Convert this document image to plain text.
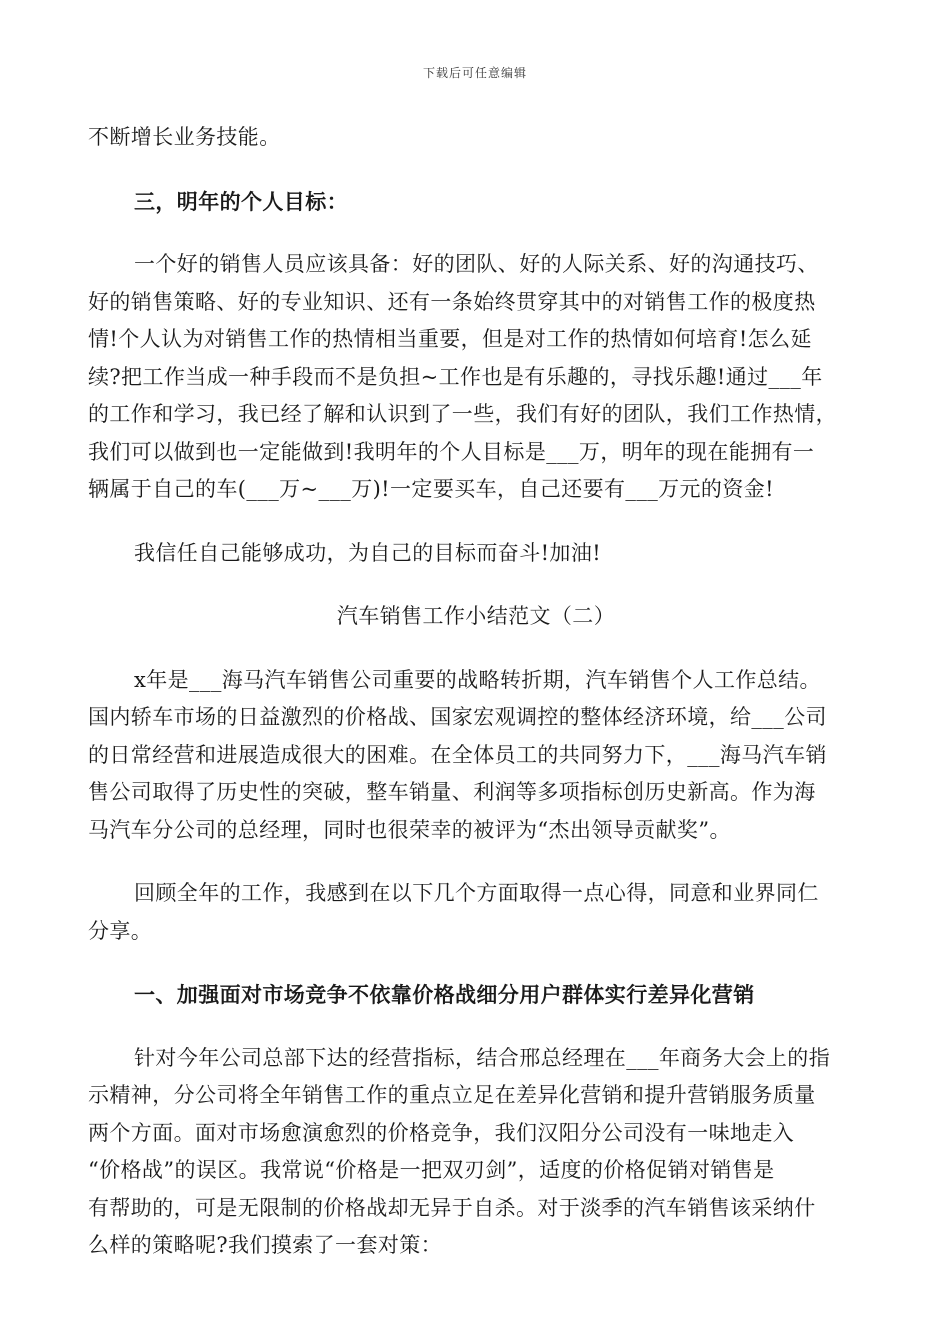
下载后可任意编辑
不断增长业务技能。
三，明年的个人目标：
一个好的销售人员应该具备：好的团队、好的人际关系、好的沟通技巧、
好的销售策略、好的专业知识、还有一条始终贯穿其中的对销售工作的极度热
情!个人认为对销售工作的热情相当重要，但是对工作的热情如何培育!怎么延
续?把工作当成一种手段而不是负担~工作也是有乐趣的，寻找乐趣!通过___年
的工作和学习，我已经了解和认识到了一些，我们有好的团队，我们工作热情，
我们可以做到也一定能做到!我明年的个人目标是___万，明年的现在能拥有一
辆属于自己的车(___万~___万)!一定要买车，自己还要有___万元的资金!
我信任自己能够成功，为自己的目标而奋斗!加油!
汽车销售工作小结范文（二）
x年是___海马汽车销售公司重要的战略转折期，汽车销售个人工作总结。
国内轿车市场的日益激烈的价格战、国家宏观调控的整体经济环境，给___公司
的日常经营和进展造成很大的困难。在全体员工的共同努力下，___海马汽车销
售公司取得了历史性的突破，整车销量、利润等多项指标创历史新高。作为海
马汽车分公司的总经理，同时也很荣幸的被评为“杰出领导贡献奖”。
回顾全年的工作，我感到在以下几个方面取得一点心得，同意和业界同仁
分享。
一、加强面对市场竞争不依靠价格战细分用户群体实行差异化营销
针对今年公司总部下达的经营指标，结合邢总经理在___年商务大会上的指
示精神，分公司将全年销售工作的重点立足在差异化营销和提升营销服务质量
两个方面。面对市场愈演愈烈的价格竞争，我们汉阳分公司没有一味地走入
“价格战”的误区。我常说“价格是一把双刃剑”，适度的价格促销对销售是
有帮助的，可是无限制的价格战却无异于自杀。对于淡季的汽车销售该采纳什
么样的策略呢?我们摸索了一套对策：
